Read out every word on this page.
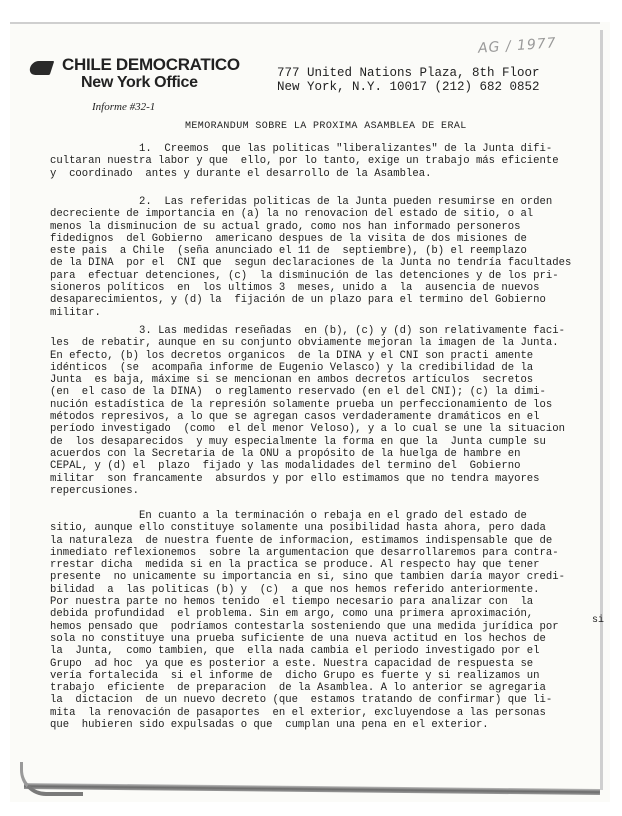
CHILE DEMOCRATICO
New York Office
777 United Nations Plaza, 8th Floor
New York, N.Y. 10017 (212) 682 0852
AG / 1977
Informe #32-1
MEMORANDUM SOBRE LA PROXIMA ASAMBLEA DE ERAL
1.  Creemos  que las politicas "liberalizantes" de la Junta difi-
cultaran nuestra labor y que  ello, por lo tanto, exige un trabajo más eficiente
y  coordinado  antes y durante el desarrollo de la Asamblea.
2.  Las referidas politicas de la Junta pueden resumirse en orden
decreciente de importancia en (a) la no renovacion del estado de sitio, o al
menos la disminucion de su actual grado, como nos han informado personeros
fidedignos  del Gobierno  americano despues de la visita de dos misiones de
este pais  a Chile  (seña anunciado el 11 de  septiembre), (b) el reemplazo
de la DINA  por el  CNI que  segun declaraciones de la Junta no tendría facultades
para  efectuar detenciones, (c)  la disminución de las detenciones y de los pri-
sioneros políticos  en  los ultimos 3  meses, unido a  la  ausencia de nuevos
desaparecimientos, y (d) la  fijación de un plazo para el termino del Gobierno
militar.
3. Las medidas reseñadas  en (b), (c) y (d) son relativamente faci-
les  de rebatir, aunque en su conjunto obviamente mejoran la imagen de la Junta.
En efecto, (b) los decretos organicos  de la DINA y el CNI son practi amente
idénticos  (se  acompaña informe de Eugenio Velasco) y la credibilidad de la
Junta  es baja, máxime si se mencionan en ambos decretos artículos  secretos
(en  el caso de la DINA)  o reglamento reservado (en el del CNI); (c) la dimi-
nución estadística de la represión solamente prueba un perfeccionamiento de los
métodos represivos, a lo que se agregan casos verdaderamente dramáticos en el
período investigado  (como  el del menor Veloso), y a lo cual se une la situacion
de  los desaparecidos  y muy especialmente la forma en que la  Junta cumple su
acuerdos con la Secretaria de la ONU a propósito de la huelga de hambre en
CEPAL, y (d) el  plazo  fijado y las modalidades del termino del  Gobierno
militar  son francamente  absurdos y por ello estimamos que no tendra mayores
repercusiones.
En cuanto a la terminación o rebaja en el grado del estado de
sitio, aunque ello constituye solamente una posibilidad hasta ahora, pero dada
la naturaleza  de nuestra fuente de informacion, estimamos indispensable que de
inmediato reflexionemos  sobre la argumentacion que desarrollaremos para contra-
rrestar dicha  medida si en la practica se produce. Al respecto hay que tener
presente  no unicamente su importancia en si, sino que tambien daría mayor credi-
bilidad  a  las politicas (b) y  (c)  a que nos hemos referido anteriormente.
Por nuestra parte no hemos tenido  el tiempo necesario para analizar con  la
debida profundidad  el problema. Sin em argo, como una primera aproximación,
hemos pensado que  podríamos contestarla sosteniendo que una medida jurídica por
sola no constituye una prueba suficiente de una nueva actitud en los hechos de
la  Junta,  como tambien, que  ella nada cambia el periodo investigado por el
Grupo  ad hoc  ya que es posterior a este. Nuestra capacidad de respuesta se
vería fortalecida  si el informe de  dicho Grupo es fuerte y si realizamos un
trabajo  eficiente  de preparacion  de la Asamblea. A lo anterior se agregaria
la  dictacion  de un nuevo decreto (que  estamos tratando de confirmar) que li-
mita  la renovación de pasaportes  en el exterior, excluyendose a las personas
que  hubieren sido expulsadas o que  cumplan una pena en el exterior.
si
